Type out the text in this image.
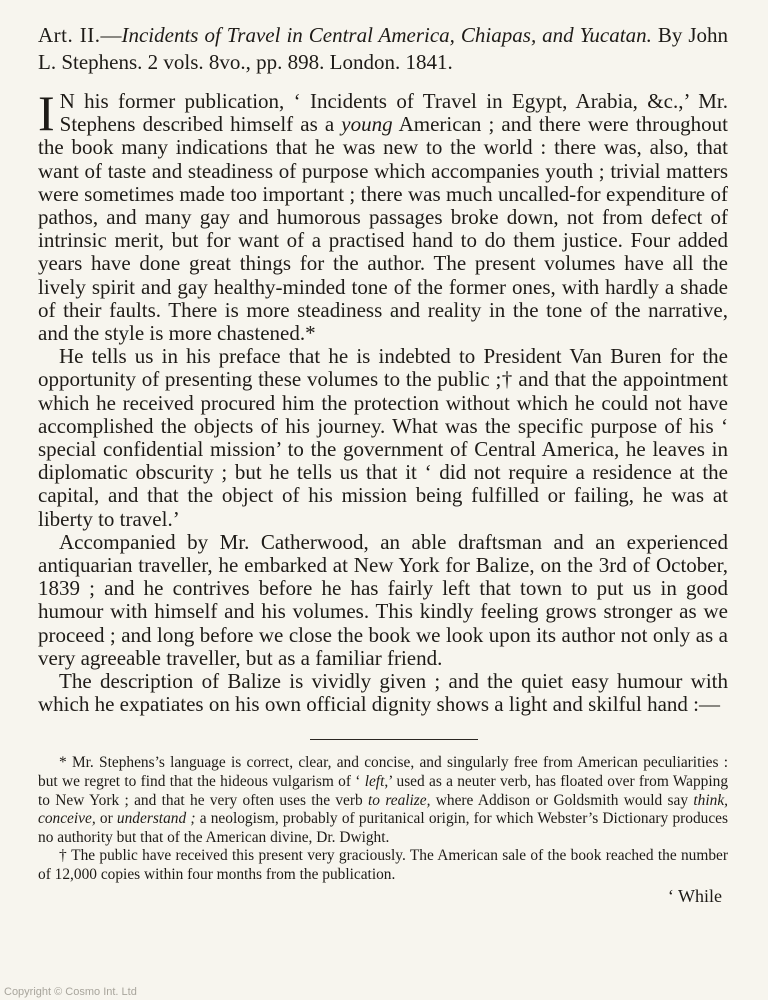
Art. II.—Incidents of Travel in Central America, Chiapas, and Yucatan. By John L. Stephens. 2 vols. 8vo., pp. 898. London. 1841.

I N his former publication, ‘ Incidents of Travel in Egypt, Arabia, &c.,’ Mr. Stephens described himself as a young American ; and there were throughout the book many indications that he was new to the world : there was, also, that want of taste and steadiness of purpose which accompanies youth ; trivial matters were sometimes made too important ; there was much uncalled-for expenditure of pathos, and many gay and humorous passages broke down, not from defect of intrinsic merit, but for want of a practised hand to do them justice. Four added years have done great things for the author. The present volumes have all the lively spirit and gay healthy-minded tone of the former ones, with hardly a shade of their faults. There is more steadiness and reality in the tone of the narrative, and the style is more chastened.*

He tells us in his preface that he is indebted to President Van Buren for the opportunity of presenting these volumes to the public ;† and that the appointment which he received procured him the protection without which he could not have accomplished the objects of his journey. What was the specific purpose of his ‘ special confidential mission’ to the government of Central America, he leaves in diplomatic obscurity ; but he tells us that it ‘ did not require a residence at the capital, and that the object of his mission being fulfilled or failing, he was at liberty to travel.’

Accompanied by Mr. Catherwood, an able draftsman and an experienced antiquarian traveller, he embarked at New York for Balize, on the 3rd of October, 1839 ; and he contrives before he has fairly left that town to put us in good humour with himself and his volumes. This kindly feeling grows stronger as we proceed ; and long before we close the book we look upon its author not only as a very agreeable traveller, but as a familiar friend.

The description of Balize is vividly given ; and the quiet easy humour with which he expatiates on his own official dignity shows a light and skilful hand :—

* Mr. Stephens’s language is correct, clear, and concise, and singularly free from American peculiarities : but we regret to find that the hideous vulgarism of ‘ left,’ used as a neuter verb, has floated over from Wapping to New York ; and that he very often uses the verb to realize, where Addison or Goldsmith would say think, conceive, or understand ; a neologism, probably of puritanical origin, for which Webster’s Dictionary produces no authority but that of the American divine, Dr. Dwight.

† The public have received this present very graciously. The American sale of the book reached the number of 12,000 copies within four months from the publication.

‘ While
Copyright © Cosmo Int. Ltd
